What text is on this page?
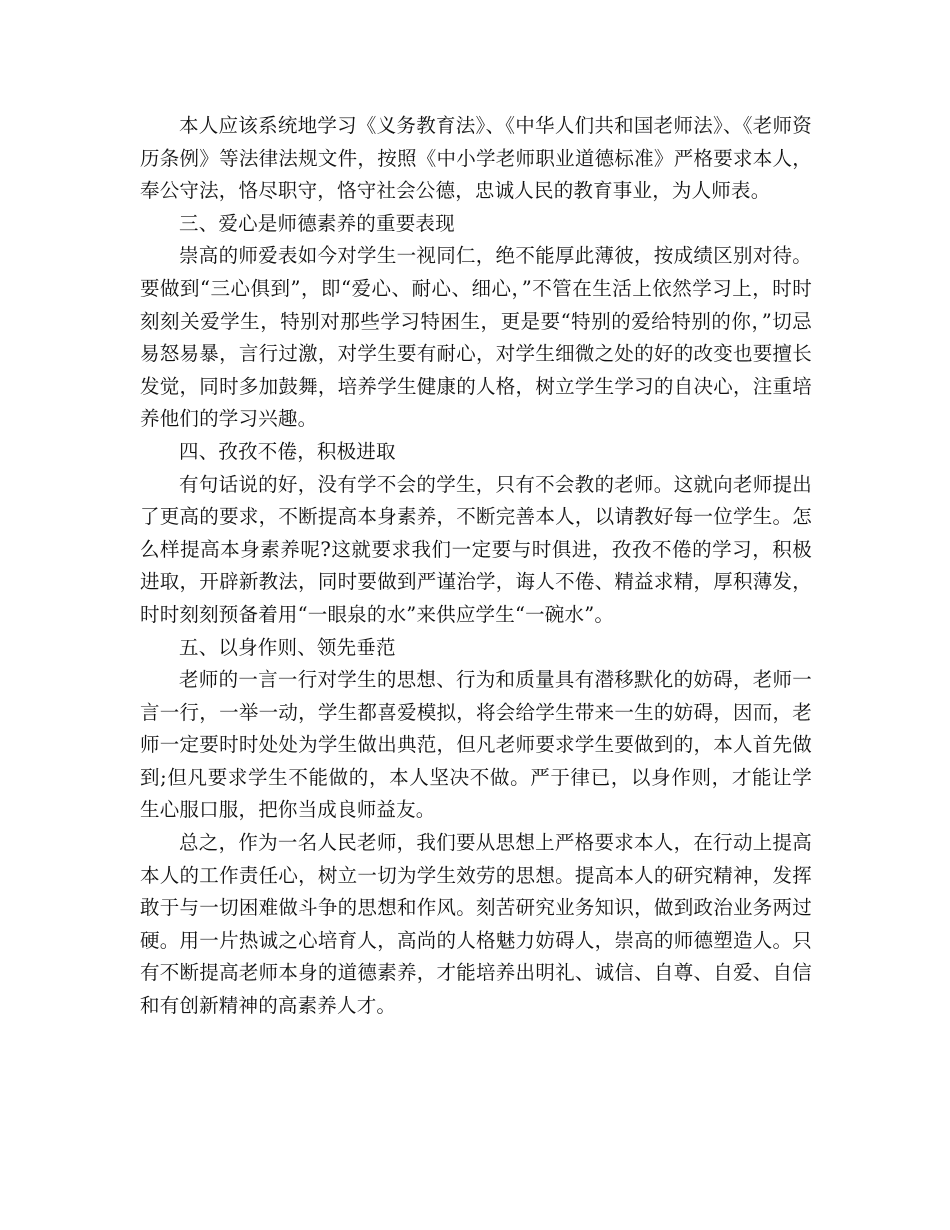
本人应该系统地学习《义务教育法》、《中华人们共和国老师法》、《老师资历条例》等法律法规文件，按照《中小学老师职业道德标准》严格要求本人，奉公守法，恪尽职守，恪守社会公德，忠诚人民的教育事业，为人师表。

三、爱心是师德素养的重要表现

崇高的师爱表如今对学生一视同仁，绝不能厚此薄彼，按成绩区别对待。要做到“三心俱到”，即“爱心、耐心、细心，”不管在生活上依然学习上，时时刻刻关爱学生，特别对那些学习特困生，更是要“特别的爱给特别的你，”切忌易怒易暴，言行过激，对学生要有耐心，对学生细微之处的好的改变也要擅长发觉，同时多加鼓舞，培养学生健康的人格，树立学生学习的自决心，注重培养他们的学习兴趣。

四、孜孜不倦，积极进取

有句话说的好，没有学不会的学生，只有不会教的老师。这就向老师提出了更高的要求，不断提高本身素养，不断完善本人，以请教好每一位学生。怎么样提高本身素养呢?这就要求我们一定要与时俱进，孜孜不倦的学习，积极进取，开辟新教法，同时要做到严谨治学，诲人不倦、精益求精，厚积薄发，时时刻刻预备着用“一眼泉的水”来供应学生“一碗水”。

五、以身作则、领先垂范

老师的一言一行对学生的思想、行为和质量具有潜移默化的妨碍，老师一言一行，一举一动，学生都喜爱模拟，将会给学生带来一生的妨碍，因而，老师一定要时时处处为学生做出典范，但凡老师要求学生要做到的，本人首先做到;但凡要求学生不能做的，本人坚决不做。严于律已，以身作则，才能让学生心服口服，把你当成良师益友。

总之，作为一名人民老师，我们要从思想上严格要求本人，在行动上提高本人的工作责任心，树立一切为学生效劳的思想。提高本人的研究精神，发挥敢于与一切困难做斗争的思想和作风。刻苦研究业务知识，做到政治业务两过硬。用一片热诚之心培育人，高尚的人格魅力妨碍人，崇高的师德塑造人。只有不断提高老师本身的道德素养，才能培养出明礼、诚信、自尊、自爱、自信和有创新精神的高素养人才。
